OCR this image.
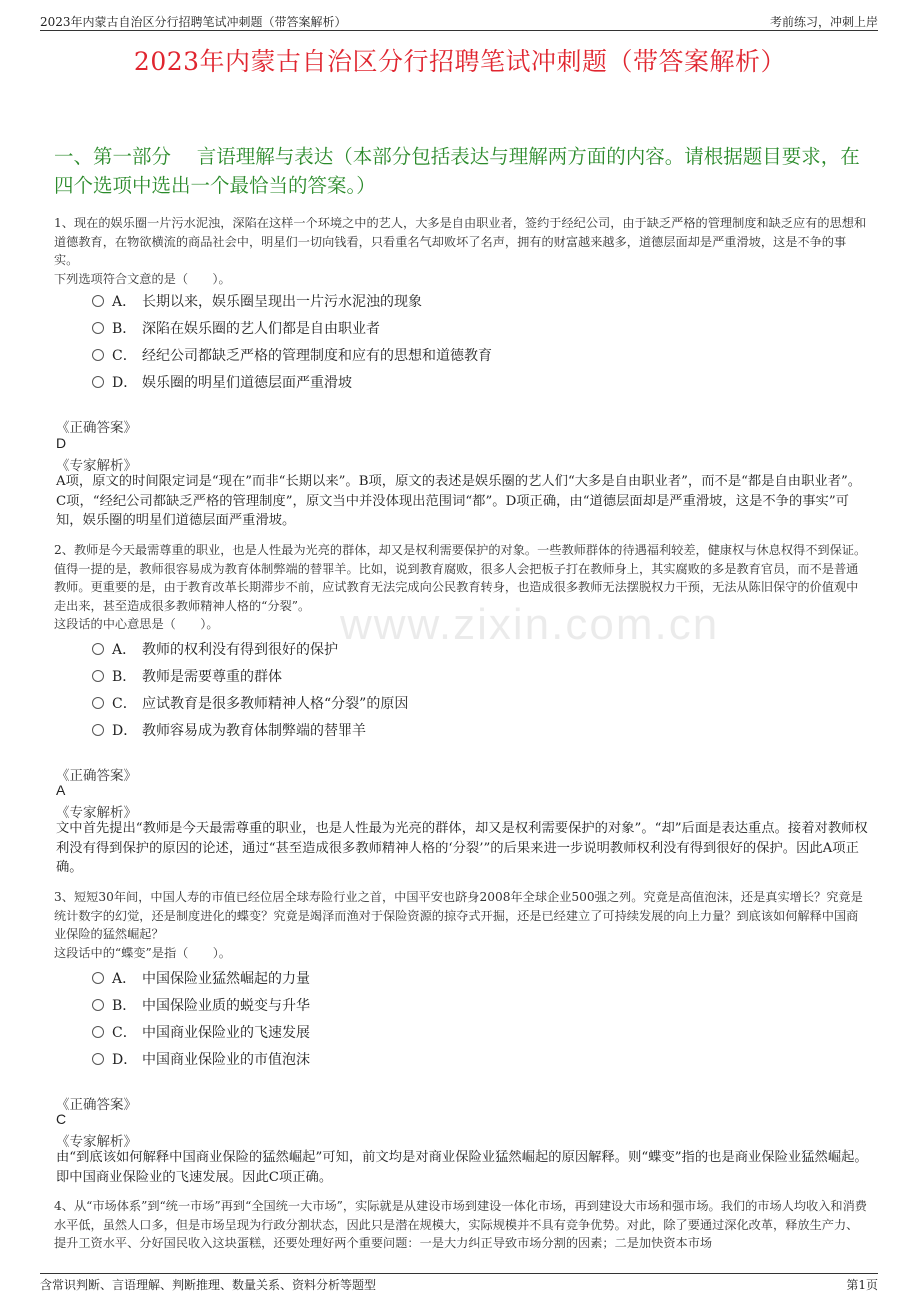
2023年内蒙古自治区分行招聘笔试冲刺题（带答案解析）	考前练习，冲刺上岸
2023年内蒙古自治区分行招聘笔试冲刺题（带答案解析）
一、第一部分　 言语理解与表达（本部分包括表达与理解两方面的内容。请根据题目要求，在四个选项中选出一个最恰当的答案。）
www.zixin.com.cn
1、现在的娱乐圈一片污水泥浊，深陷在这样一个环境之中的艺人，大多是自由职业者，签约于经纪公司，由于缺乏严格的管理制度和缺乏应有的思想和道德教育，在物欲横流的商品社会中，明星们一切向钱看，只看重名气却败坏了名声，拥有的财富越来越多，道德层面却是严重滑坡，这是不争的事实。
下列选项符合文意的是（　　）。
A． 长期以来，娱乐圈呈现出一片污水泥浊的现象
B． 深陷在娱乐圈的艺人们都是自由职业者
C． 经纪公司都缺乏严格的管理制度和应有的思想和道德教育
D． 娱乐圈的明星们道德层面严重滑坡
《正确答案》
D
《专家解析》
A项，原文的时间限定词是“现在”而非“长期以来”。B项，原文的表述是娱乐圈的艺人们“大多是自由职业者”，而不是“都是自由职业者”。C项，“经纪公司都缺乏严格的管理制度”，原文当中并没体现出范围词“都”。D项正确，由“道德层面却是严重滑坡，这是不争的事实”可知，娱乐圈的明星们道德层面严重滑坡。
2、教师是今天最需尊重的职业，也是人性最为光亮的群体，却又是权利需要保护的对象。一些教师群体的待遇福利较差，健康权与休息权得不到保证。值得一提的是，教师很容易成为教育体制弊端的替罪羊。比如，说到教育腐败，很多人会把板子打在教师身上，其实腐败的多是教育官员，而不是普通教师。更重要的是，由于教育改革长期滞步不前，应试教育无法完成向公民教育转身，也造成很多教师无法摆脱权力干预，无法从陈旧保守的价值观中走出来，甚至造成很多教师精神人格的“分裂”。
这段话的中心意思是（　　）。
A． 教师的权利没有得到很好的保护
B． 教师是需要尊重的群体
C． 应试教育是很多教师精神人格“分裂”的原因
D． 教师容易成为教育体制弊端的替罪羊
《正确答案》
A
《专家解析》
文中首先提出“教师是今天最需尊重的职业，也是人性最为光亮的群体，却又是权利需要保护的对象”。“却”后面是表达重点。接着对教师权利没有得到保护的原因的论述，通过“甚至造成很多教师精神人格的‘分裂’”的后果来进一步说明教师权利没有得到很好的保护。因此A项正确。
3、短短30年间，中国人寿的市值已经位居全球寿险行业之首，中国平安也跻身2008年全球企业500强之列。究竟是高值泡沫，还是真实增长？究竟是统计数字的幻觉，还是制度进化的蝶变？究竟是竭泽而渔对于保险资源的掠夺式开掘，还是已经建立了可持续发展的向上力量？到底该如何解释中国商业保险的猛然崛起？
这段话中的“蝶变”是指（　　）。
A． 中国保险业猛然崛起的力量
B． 中国保险业质的蜕变与升华
C． 中国商业保险业的飞速发展
D． 中国商业保险业的市值泡沫
《正确答案》
C
《专家解析》
由“到底该如何解释中国商业保险的猛然崛起”可知，前文均是对商业保险业猛然崛起的原因解释。则“蝶变”指的也是商业保险业猛然崛起。即中国商业保险业的飞速发展。因此C项正确。
4、从“市场体系”到“统一市场”再到“全国统一大市场”，实际就是从建设市场到建设一体化市场，再到建设大市场和强市场。我们的市场人均收入和消费水平低，虽然人口多，但是市场呈现为行政分割状态，因此只是潜在规模大，实际规模并不具有竞争优势。对此，除了要通过深化改革，释放生产力、提升工资水平、分好国民收入这块蛋糕，还要处理好两个重要问题：一是大力纠正导致市场分割的因素；二是加快资本市场
含常识判断、言语理解、判断推理、数量关系、资料分析等题型	第1页
